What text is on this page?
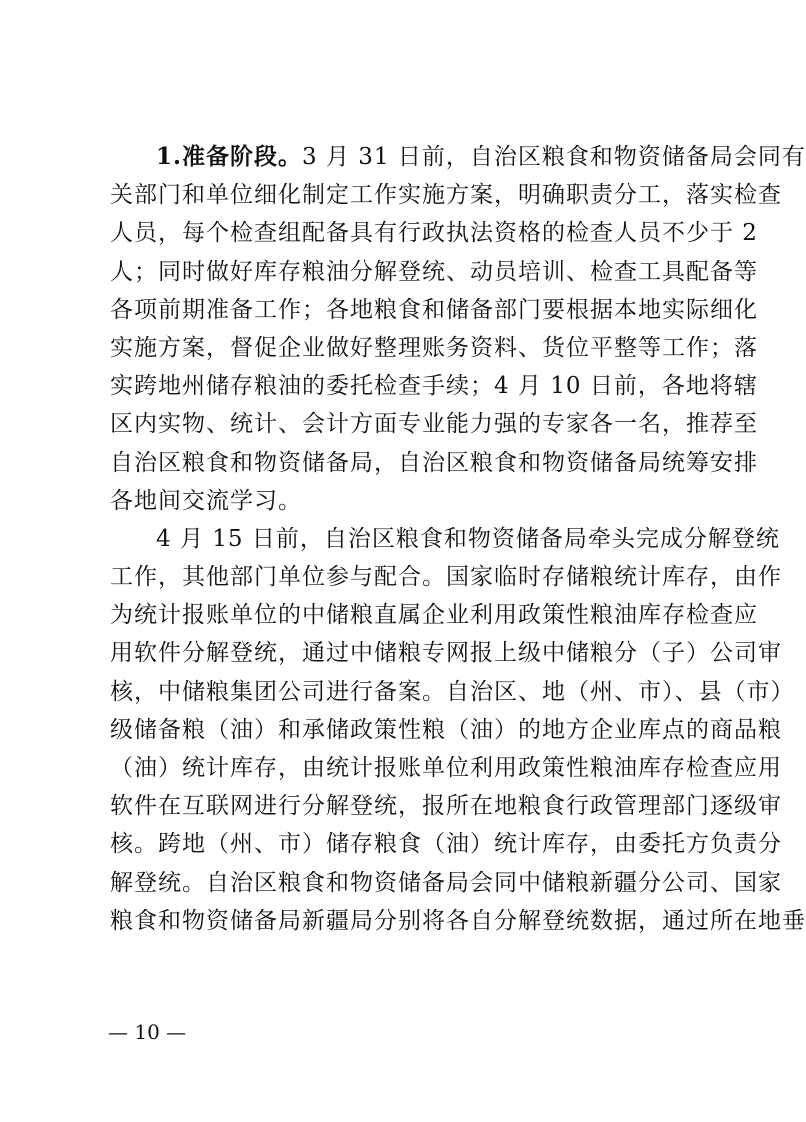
1.准备阶段。3 月 31 日前，自治区粮食和物资储备局会同有
关部门和单位细化制定工作实施方案，明确职责分工，落实检查
人员，每个检查组配备具有行政执法资格的检查人员不少于 2
人；同时做好库存粮油分解登统、动员培训、检查工具配备等
各项前期准备工作；各地粮食和储备部门要根据本地实际细化
实施方案，督促企业做好整理账务资料、货位平整等工作；落
实跨地州储存粮油的委托检查手续；4 月 10 日前，各地将辖
区内实物、统计、会计方面专业能力强的专家各一名，推荐至
自治区粮食和物资储备局，自治区粮食和物资储备局统筹安排
各地间交流学习。
4 月 15 日前，自治区粮食和物资储备局牵头完成分解登统
工作，其他部门单位参与配合。国家临时存储粮统计库存，由作
为统计报账单位的中储粮直属企业利用政策性粮油库存检查应
用软件分解登统，通过中储粮专网报上级中储粮分（子）公司审
核，中储粮集团公司进行备案。自治区、地（州、市）、县（市）
级储备粮（油）和承储政策性粮（油）的地方企业库点的商品粮
（油）统计库存，由统计报账单位利用政策性粮油库存检查应用
软件在互联网进行分解登统，报所在地粮食行政管理部门逐级审
核。跨地（州、市）储存粮食（油）统计库存，由委托方负责分
解登统。自治区粮食和物资储备局会同中储粮新疆分公司、国家
粮食和物资储备局新疆局分别将各自分解登统数据，通过所在地垂
— 10 —
